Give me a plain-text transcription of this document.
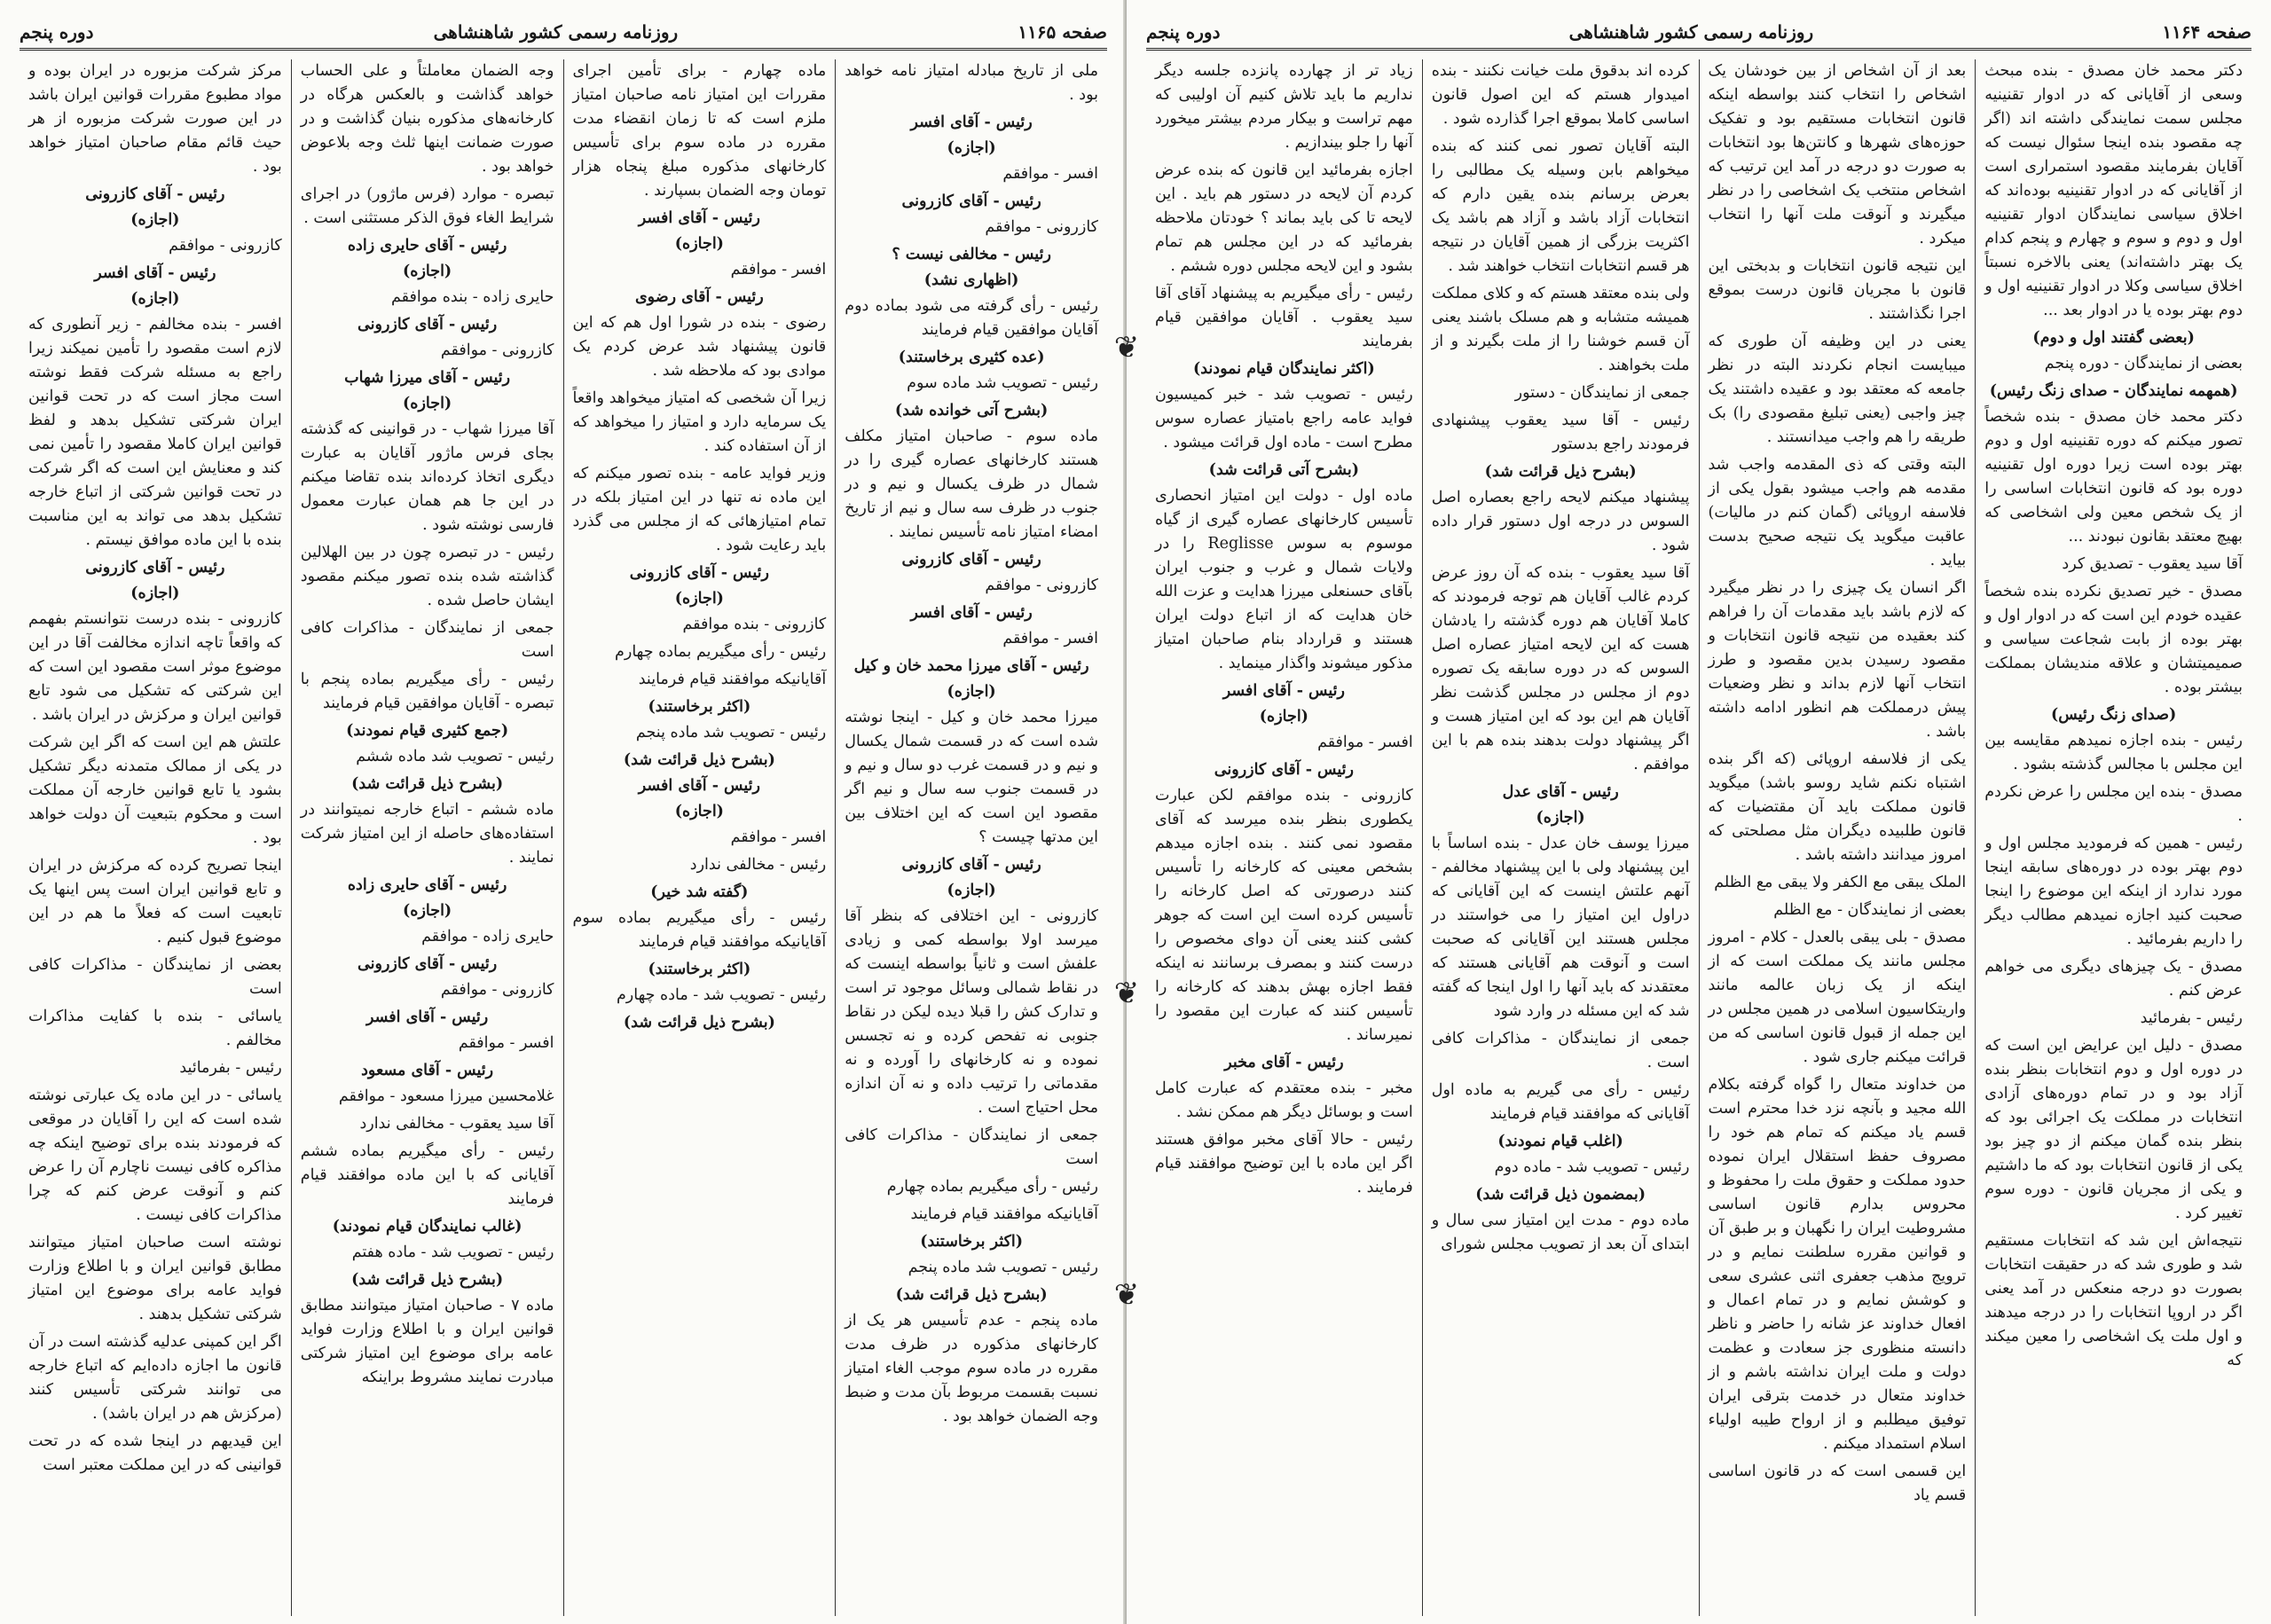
صفحه ۱۱۶۵
روزنامه رسمی کشور شاهنشاهی
دوره پنجم

ملی از تاریخ مبادله امتیاز نامه خواهد بود .

رئیس - آقای افسر

(اجازه)

افسر - موافقم

رئیس - آقای کازرونی

کازرونی - موافقم

رئیس - مخالفی نیست ؟

(اظهاری نشد)

رئیس - رأی گرفته می شود بماده دوم آقایان موافقین قیام فرمایند

(عده کثیری برخاستند)

رئیس - تصویب شد ماده سوم

(بشرح آتی خوانده شد)

ماده سوم - صاحبان امتیاز مکلف هستند کارخانهای عصاره گیری را در شمال در ظرف یکسال و نیم و در جنوب در ظرف سه سال و نیم از تاریخ امضاء امتیاز نامه تأسیس نمایند .

رئیس - آقای کازرونی

کازرونی - موافقم

رئیس - آقای افسر

افسر - موافقم

رئیس - آقای میرزا محمد خان و کیل

(اجازه)

میرزا محمد خان و کیل - اینجا نوشته شده است که در قسمت شمال یکسال و نیم و در قسمت غرب دو سال و نیم و در قسمت جنوب سه سال و نیم اگر مقصود این است که این اختلاف بین این مدتها چیست ؟

رئیس - آقای کازرونی

(اجازه)

کازرونی - این اختلافی که بنظر آقا میرسد اولا بواسطه کمی و زیادی علفش است و ثانیاً بواسطه اینست که در نقاط شمالی وسائل موجود تر است و تدارک کش را قبلا دیده لیکن در نقاط جنوبی نه تفحص کرده و نه تجسس نموده و نه کارخانهای را آورده و نه مقدماتی را ترتیب داده و نه آن اندازه محل احتیاج است .

جمعی از نمایندگان - مذاکرات کافی است

رئیس - رأی میگیریم بماده چهارم

آقایانیکه موافقند قیام فرمایند

(اکثر برخاستند)

رئیس - تصویب شد ماده پنجم

(بشرح ذیل قرائت شد)

ماده پنجم - عدم تأسیس هر یک از کارخانهای مذکوره در ظرف مدت مقرره در ماده سوم موجب الغاء امتیاز نسبت بقسمت مربوط بآن مدت و ضبط وجه الضمان خواهد بود .

ماده چهارم - برای تأمین اجرای مقررات این امتیاز نامه صاحبان امتیاز ملزم است که تا زمان انقضاء مدت مقرره در ماده سوم برای تأسیس کارخانهای مذکوره مبلغ پنجاه هزار تومان وجه الضمان بسپارند .

رئیس - آقای افسر

(اجازه)

افسر - موافقم

رئیس - آقای رضوی

رضوی - بنده در شورا اول هم که این قانون پیشنهاد شد عرض کردم یک موادی بود که ملاحظه شد .

زیرا آن شخصی که امتیاز میخواهد واقعاً یک سرمایه دارد و امتیاز را میخواهد که از آن استفاده کند .

وزیر فواید عامه - بنده تصور میکنم که این ماده نه تنها در این امتیاز بلکه در تمام امتیازهائی که از مجلس می گذرد باید رعایت شود .

رئیس - آقای کازرونی

(اجازه)

کازرونی - بنده موافقم

رئیس - رأی میگیریم بماده چهارم

آقایانیکه موافقند قیام فرمایند

(اکثر برخاستند)

رئیس - تصویب شد ماده پنجم

(بشرح ذیل قرائت شد)

رئیس - آقای افسر

(اجازه)

افسر - موافقم

رئیس - مخالفی ندارد

(گفته شد خیر)

رئیس - رأی میگیریم بماده سوم آقایانیکه موافقند قیام فرمایند

(اکثر برخاستند)

رئیس - تصویب شد - ماده چهارم

(بشرح ذیل قرائت شد)

وجه الضمان معاملتاً و علی الحساب خواهد گذاشت و بالعکس هرگاه در کارخانه‌های مذکوره بنیان گذاشت و در صورت ضمانت اینها ثلث وجه بلاعوض خواهد بود .

تبصره - موارد (فرس ماژور) در اجرای شرایط الغاء فوق الذکر مستثنی است .

رئیس - آقای حایری زاده

(اجازه)

حایری زاده - بنده موافقم

رئیس - آقای کازرونی

کازرونی - موافقم

رئیس - آقای میرزا شهاب

(اجازه)

آقا میرزا شهاب - در قوانینی که گذشته بجای فرس ماژور آقایان به عبارت دیگری اتخاذ کرده‌اند بنده تقاضا میکنم در این جا هم همان عبارت معمول فارسی نوشته شود .

رئیس - در تبصره چون در بین الهلالین گذاشته شده بنده تصور میکنم مقصود ایشان حاصل شده .

جمعی از نمایندگان - مذاکرات کافی است

رئیس - رأی میگیریم بماده پنجم با تبصره - آقایان موافقین قیام فرمایند

(جمع کثیری قیام نمودند)

رئیس - تصویب شد ماده ششم

(بشرح ذیل قرائت شد)

ماده ششم - اتباع خارجه نمیتوانند در استفاده‌های حاصله از این امتیاز شرکت نمایند .

رئیس - آقای حایری زاده

(اجازه)

حایری زاده - موافقم

رئیس - آقای کازرونی

کازرونی - موافقم

رئیس - آقای افسر

افسر - موافقم

رئیس - آقای مسعود

غلامحسین میرزا مسعود - موافقم

آقا سید یعقوب - مخالفی ندارد

رئیس - رأی میگیریم بماده ششم آقایانی که با این ماده موافقند قیام فرمایند

(غالب نمایندگان قیام نمودند)

رئیس - تصویب شد - ماده هفتم

(بشرح ذیل قرائت شد)

ماده ۷ - صاحبان امتیاز میتوانند مطابق قوانین ایران و با اطلاع وزارت فواید عامه برای موضوع این امتیاز شرکتی مبادرت نمایند مشروط براینکه

مرکز شرکت مزبوره در ایران بوده و مواد مطبوع مقررات قوانین ایران باشد در این صورت شرکت مزبوره از هر حیث قائم مقام صاحبان امتیاز خواهد بود .

رئیس - آقای کازرونی

(اجازه)

کازرونی - موافقم

رئیس - آقای افسر

(اجازه)

افسر - بنده مخالفم - زیر آنطوری که لازم است مقصود را تأمین نمیکند زیرا راجع به مسئله شرکت فقط نوشته است مجاز است که در تحت قوانین ایران شرکتی تشکیل بدهد و لفظ قوانین ایران کاملا مقصود را تأمین نمی کند و معنایش این است که اگر شرکت در تحت قوانین شرکتی از اتباع خارجه تشکیل بدهد می تواند به این مناسبت بنده با این ماده موافق نیستم .

رئیس - آقای کازرونی

(اجازه)

کازرونی - بنده درست نتوانستم بفهمم که واقعاً تاچه اندازه مخالفت آقا در این موضوع موثر است مقصود این است که این شرکتی که تشکیل می شود تابع قوانین ایران و مرکزش در ایران باشد .

علتش هم این است که اگر این شرکت در یکی از ممالک متمدنه دیگر تشکیل بشود یا تابع قوانین خارجه آن مملکت است و محکوم بتبعیت آن دولت خواهد بود .

اینجا تصریح کرده که مرکزش در ایران و تابع قوانین ایران است پس اینها یک تابعیت است که فعلاً ما هم در این موضوع قبول کنیم .

بعضی از نمایندگان - مذاکرات کافی است

یاسائی - بنده با کفایت مذاکرات مخالفم .

رئیس - بفرمائید

یاسائی - در این ماده یک عبارتی نوشته شده است که این را آقایان در موقعی که فرمودند بنده برای توضیح اینکه چه مذاکره کافی نیست ناچارم آن را عرض کنم و آنوقت عرض کنم که چرا مذاکرات کافی نیست .

نوشته است صاحبان امتیاز میتوانند مطابق قوانین ایران و با اطلاع وزارت فواید عامه برای موضوع این امتیاز شرکتی تشکیل بدهند .

اگر این کمپنی عدلیه گذشته است در آن قانون ما اجازه داده‌ایم که اتباع خارجه می توانند شرکتی تأسیس کنند (مرکزش هم در ایران باشد) .

این قیدیهم در اینجا شده که در تحت قوانینی که در این مملکت معتبر است

صفحه ۱۱۶۴
روزنامه رسمی کشور شاهنشاهی
دوره پنجم

دکتر محمد خان مصدق - بنده مبحث وسعی از آقایانی که در ادوار تقنینیه مجلس سمت نمایندگی داشته اند (اگر چه مقصود بنده اینجا سئوال نیست که آقایان بفرمایند مقصود استمراری است از آقایانی که در ادوار تقنینیه بوده‌اند که اخلاق سیاسی نمایندگان ادوار تقنینیه اول و دوم و سوم و چهارم و پنجم کدام یک بهتر داشته‌اند) یعنی بالاخره نسبتاً اخلاق سیاسی وکلا در ادوار تقنینیه اول و دوم بهتر بوده یا در ادوار بعد ...

(بعضی گفتند اول و دوم)

بعضی از نمایندگان - دوره پنجم

(همهمه نمایندگان - صدای زنگ رئیس)

دکتر محمد خان مصدق - بنده شخصاً تصور میکنم که دوره تقنینیه اول و دوم بهتر بوده است زیرا دوره اول تقنینیه دوره بود که قانون انتخابات اساسی را از یک شخص معین ولی اشخاصی که بهیچ معتقد بقانون نبودند ...

آقا سید یعقوب - تصدیق کرد

مصدق - خیر تصدیق نکرده بنده شخصاً عقیده خودم این است که در ادوار اول و بهتر بوده از بابت شجاعت سیاسی و صمیمیتشان و علاقه مندیشان بمملکت بیشتر بوده .

(صدای زنگ رئیس)

رئیس - بنده اجازه نمیدهم مقایسه بین این مجلس با مجالس گذشته بشود .

مصدق - بنده این مجلس را عرض نکردم .

رئیس - همین که فرمودید مجلس اول و دوم بهتر بوده در دوره‌های سابقه اینجا مورد ندارد از اینکه این موضوع را اینجا صحبت کنید اجازه نمیدهم مطالب دیگر را داریم بفرمائید .

مصدق - یک چیزهای دیگری می خواهم عرض کنم .

رئیس - بفرمائید

مصدق - دلیل این عرایض این است که در دوره اول و دوم انتخابات بنظر بنده آزاد بود و در تمام دوره‌های آزادی انتخابات در مملکت یک اجرائی بود که بنظر بنده گمان میکنم از دو چیز بود یکی از قانون انتخابات بود که ما داشتیم و یکی از مجریان قانون - دوره سوم تغییر کرد .

نتیجه‌اش این شد که انتخابات مستقیم شد و طوری شد که در حقیقت انتخابات بصورت دو درجه منعکس در آمد یعنی اگر در اروپا انتخابات را در درجه میدهند و اول ملت یک اشخاصی را معین میکند که

بعد از آن اشخاص از بین خودشان یک اشخاص را انتخاب کنند بواسطه اینکه قانون انتخابات مستقیم بود و تفکیک حوزه‌های شهرها و کانتن‌ها بود انتخابات به صورت دو درجه در آمد این ترتیب که اشخاص منتخب یک اشخاصی را در نظر میگیرند و آنوقت ملت آنها را انتخاب میکرد .

این نتیجه قانون انتخابات و بدبختی این قانون با مجریان قانون درست بموقع اجرا نگذاشتند .

یعنی در این وظیفه آن طوری که میبایست انجام نکردند البته در نظر جامعه که معتقد بود و عقیده داشتند یک چیز واجبی (یعنی تبلیغ مقصودی را) بک طریقه را هم واجب میدانستند .

البته وقتی که ذی المقدمه واجب شد مقدمه هم واجب میشود بقول یکی از فلاسفه اروپائی (گمان کنم در مالیات) عاقبت میگوید یک نتیجه صحیح بدست بیاید .

اگر انسان یک چیزی را در نظر میگیرد که لازم باشد باید مقدمات آن را فراهم کند بعقیده من نتیجه قانون انتخابات و مقصود رسیدن بدین مقصود و طرز انتخاب آنها لازم بداند و نظر وضعیات پیش درمملکت هم انظور ادامه داشته باشد .

یکی از فلاسفه اروپائی (که اگر بنده اشتباه نکنم شاید روسو باشد) میگوید قانون مملکت باید آن مقتضیات که قانون طلبیده دیگران مثل مصلحتی که امروز میدانند داشته باشد .

الملک یبقی مع الکفر ولا یبقی مع الظلم

بعضی از نمایندگان - مع الظلم

مصدق - بلی یبقی بالعدل - کلام - امروز مجلس مانند یک مملکت است که از اینکه از یک زبان عالمه مانند واریتکاسیون اسلامی در همین مجلس در این جمله از قبول قانون اساسی که من قرائت میکنم جاری شود .

من خداوند متعال را گواه گرفته بکلام الله مجید و بآنچه نزد خدا محترم است قسم یاد میکنم که تمام هم خود را مصروف حفظ استقلال ایران نموده حدود مملکت و حقوق ملت را محفوظ و محروس بدارم قانون اساسی مشروطیت ایران را نگهبان و بر طبق آن و قوانین مقرره سلطنت نمایم و در ترویج مذهب جعفری اثنی عشری سعی و کوشش نمایم و در تمام اعمال و افعال خداوند عز شانه را حاضر و ناظر دانسته منظوری جز سعادت و عظمت دولت و ملت ایران نداشته باشم و از خداوند متعال در خدمت بترقی ایران توفیق میطلبم و از ارواح طیبه اولیاء اسلام استمداد میکنم .

این قسمی است که در قانون اساسی قسم یاد

کرده اند بدقوق ملت خیانت نکنند - بنده امیدوار هستم که این اصول قانون اساسی کاملا بموقع اجرا گذارده شود .

البته آقایان تصور نمی کنند که بنده میخواهم بابن وسیله یک مطالبی را بعرض برسانم بنده یقین دارم که انتخابات آزاد باشد و آزاد هم باشد یک اکثریت بزرگی از همین آقایان در نتیجه هر قسم انتخابات انتخاب خواهند شد .

ولی بنده معتقد هستم که و کلای مملکت همیشه متشابه و هم مسلک باشند یعنی آن قسم خوشنا را از ملت بگیرند و از ملت بخواهند .

جمعی از نمایندگان - دستور

رئیس - آقا سید یعقوب پیشنهادی فرمودند راجع بدستور

(بشرح ذیل قرائت شد)

پیشنهاد میکنم لایحه راجع بعصاره اصل السوس در درجه اول دستور قرار داده شود .

آقا سید یعقوب - بنده که آن روز عرض کردم غالب آقایان هم توجه فرمودند که کاملا آقایان هم دوره گذشته را یادشان هست که این لایحه امتیاز عصاره اصل السوس که در دوره سابقه یک تصوره دوم از مجلس در مجلس گذشت نظر آقایان هم این بود که این امتیاز هست و اگر پیشنهاد دولت بدهند بنده هم با این موافقم .

رئیس - آقای عدل

(اجازه)

میرزا یوسف خان عدل - بنده اساساً با این پیشنهاد ولی با این پیشنهاد مخالفم - آنهم علتش اینست که این آقایانی که دراول این امتیاز را می خواستند در مجلس هستند این آقایانی که صحبت است و آنوقت هم آقایانی هستند که معتقدند که باید آنها را اول اینجا که گفته شد که این مسئله در وارد شود

جمعی از نمایندگان - مذاکرات کافی است .

رئیس - رأی می گیریم به ماده اول آقایانی که موافقند قیام فرمایند

(اغلب قیام نمودند)

رئیس - تصویب شد - ماده دوم

(بمضمون ذیل قرائت شد)

ماده دوم - مدت این امتیاز سی سال و ابتدای آن بعد از تصویب مجلس شورای

زیاد تر از چهارده پانزده جلسه دیگر نداریم ما باید تلاش کنیم آن اولیبی که مهم تراست و بیکار مردم بیشتر میخورد آنها را جلو بیندازیم .

اجازه بفرمائید این قانون که بنده عرض کردم آن لایحه در دستور هم باید . این لایحه تا کی باید بماند ؟ خودتان ملاحظه بفرمائید که در این مجلس هم تمام بشود و این لایحه مجلس دوره ششم .

رئیس - رأی میگیریم به پیشنهاد آقای آقا سید یعقوب . آقایان موافقین قیام بفرمایند

(اکثر نمایندگان قیام نمودند)

رئیس - تصویب شد - خبر کمیسیون فواید عامه راجع بامتیاز عصاره سوس مطرح است - ماده اول قرائت میشود .

(بشرح آتی قرائت شد)

ماده اول - دولت این امتیاز انحصاری تأسیس کارخانهای عصاره گیری از گیاه موسوم به سوس Reglisse را در ولایات شمال و غرب و جنوب ایران بآقای حسنعلی میرزا هدایت و عزت الله خان هدایت که از اتباع دولت ایران هستند و قرارداد بنام صاحبان امتیاز مذکور میشوند واگذار مینماید .

رئیس - آقای افسر

(اجازه)

افسر - موافقم

رئیس - آقای کازرونی

کازرونی - بنده موافقم لکن عبارت یکطوری بنظر بنده میرسد که آقای مقصود نمی کنند . بنده اجازه میدهم بشخص معینی که کارخانه را تأسیس کنند درصورتی که اصل کارخانه را تأسیس کرده است این است که جوهر کشی کنند یعنی آن دوای مخصوص را درست کنند و بمصرف برسانند نه اینکه فقط اجازه بهش بدهند که کارخانه را تأسیس کنند که عبارت این مقصود را نمیرساند .

رئیس - آقای مخبر

مخبر - بنده معتقدم که عبارت کامل است و بوسائل دیگر هم ممکن نشد .

رئیس - حالا آقای مخبر موافق هستند اگر این ماده با این توضیح موافقند قیام فرمایند .

❦
❦
❦
